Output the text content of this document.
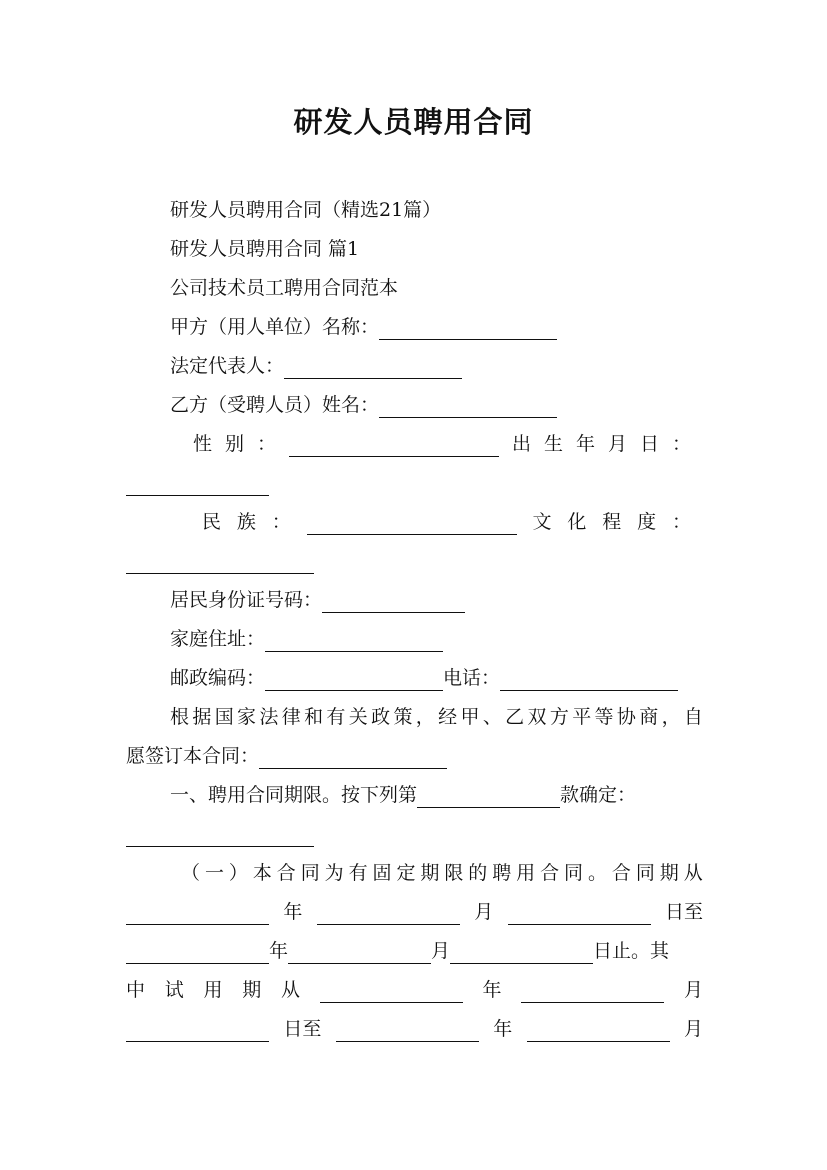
研发人员聘用合同
研发人员聘用合同（精选21篇）
研发人员聘用合同 篇1
公司技术员工聘用合同范本
甲方（用人单位）名称：
法定代表人：
乙方（受聘人员）姓名：
性 别 ：	出 生 年 月 日 ：
民 族 ：	文 化 程 度 ：
居民身份证号码：
家庭住址：
邮政编码：	电话：
根 据 国 家 法 律 和 有 关 政 策 ， 经 甲 、 乙 双 方 平 等 协 商 ， 自
愿签订本合同：
一、聘用合同期限。按下列第	款确定：
（ 一 ） 本 合 同 为 有 固 定 期 限 的 聘 用 合 同 。 合 同 期 从
年	月	日至
年	月	日止。其
中 试 用 期 从	年	月
日至	年	月
